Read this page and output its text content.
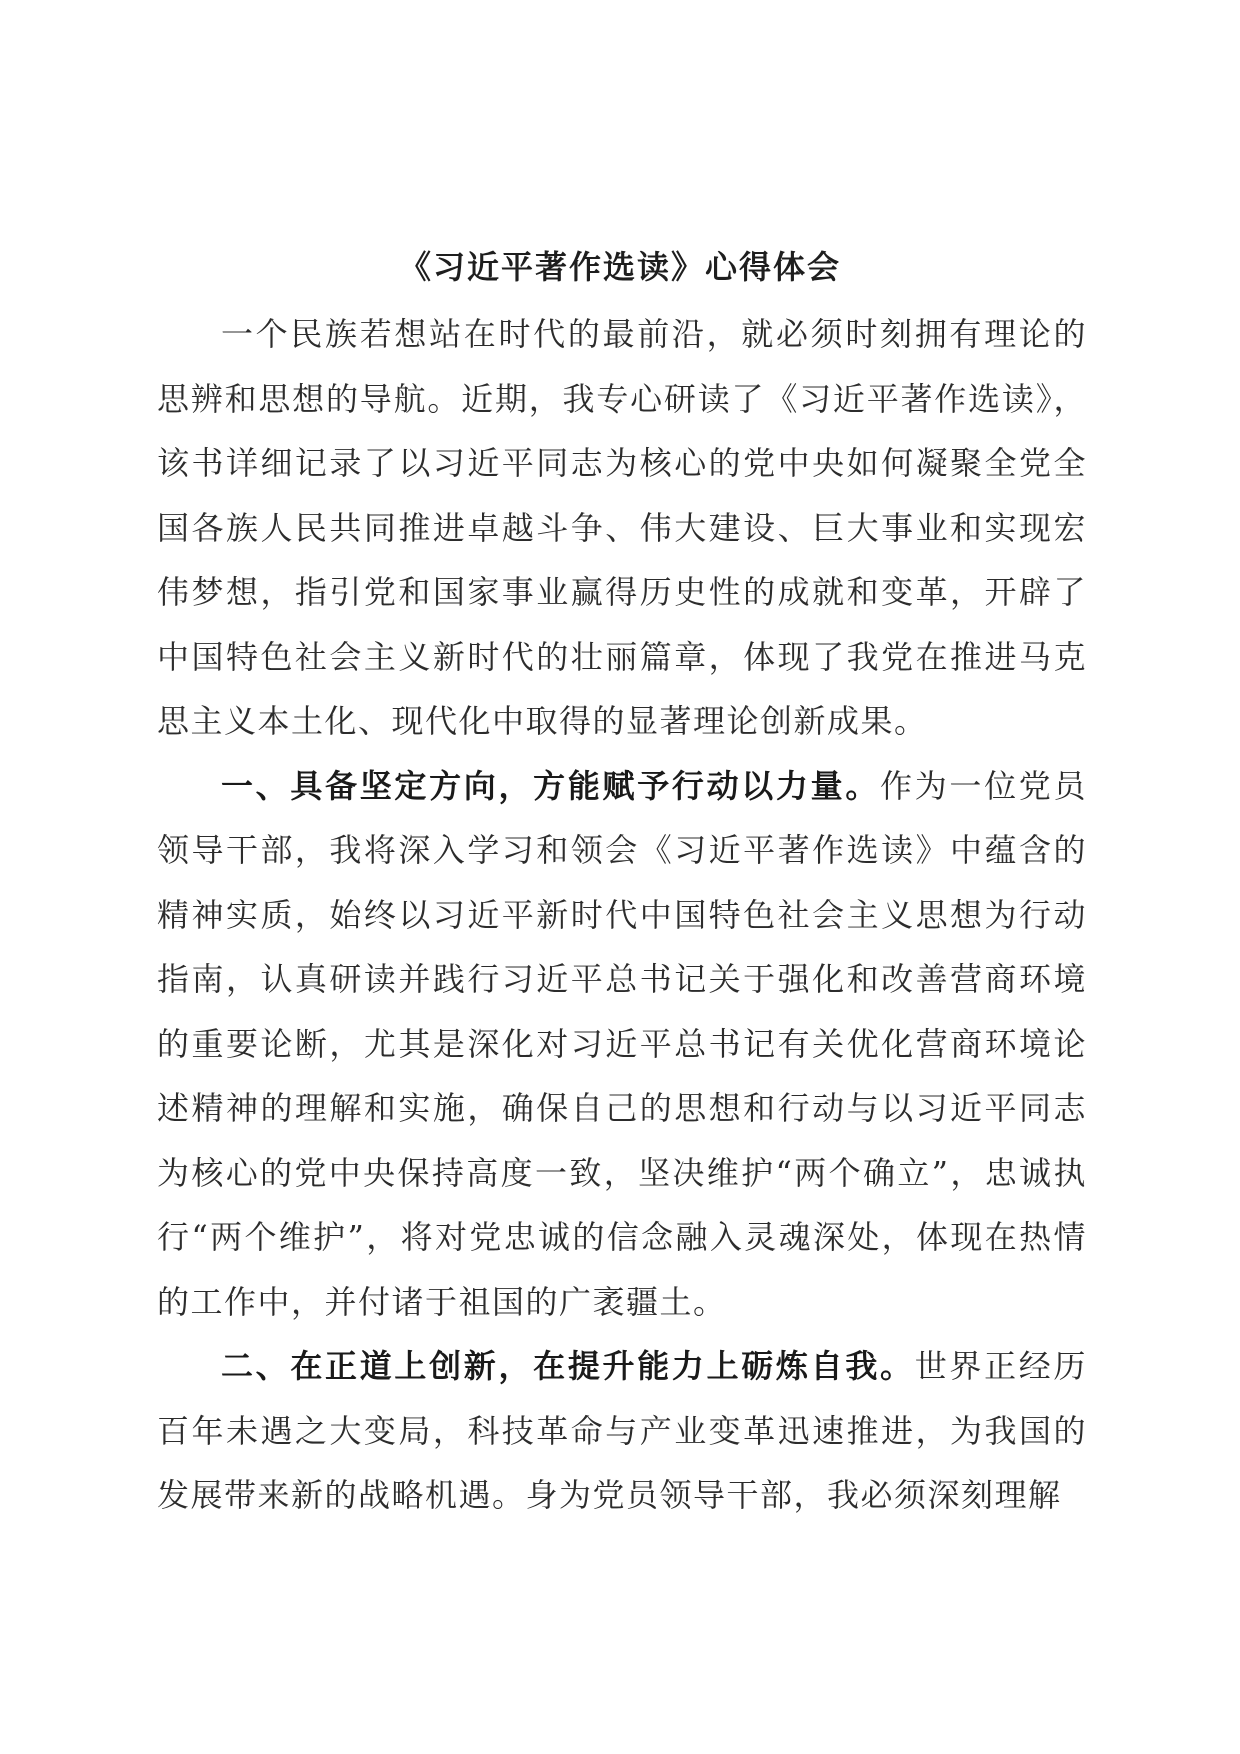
《习近平著作选读》心得体会

一个民族若想站在时代的最前沿，就必须时刻拥有理论的思辨和思想的导航。近期，我专心研读了《习近平著作选读》，该书详细记录了以习近平同志为核心的党中央如何凝聚全党全国各族人民共同推进卓越斗争、伟大建设、巨大事业和实现宏伟梦想，指引党和国家事业赢得历史性的成就和变革，开辟了中国特色社会主义新时代的壮丽篇章，体现了我党在推进马克思主义本土化、现代化中取得的显著理论创新成果。

一、具备坚定方向，方能赋予行动以力量。作为一位党员领导干部，我将深入学习和领会《习近平著作选读》中蕴含的精神实质，始终以习近平新时代中国特色社会主义思想为行动指南，认真研读并践行习近平总书记关于强化和改善营商环境的重要论断，尤其是深化对习近平总书记有关优化营商环境论述精神的理解和实施，确保自己的思想和行动与以习近平同志为核心的党中央保持高度一致，坚决维护“两个确立”，忠诚执行“两个维护”，将对党忠诚的信念融入灵魂深处，体现在热情的工作中，并付诸于祖国的广袤疆土。

二、在正道上创新，在提升能力上砺炼自我。世界正经历百年未遇之大变局，科技革命与产业变革迅速推进，为我国的发展带来新的战略机遇。身为党员领导干部，我必须深刻理解
